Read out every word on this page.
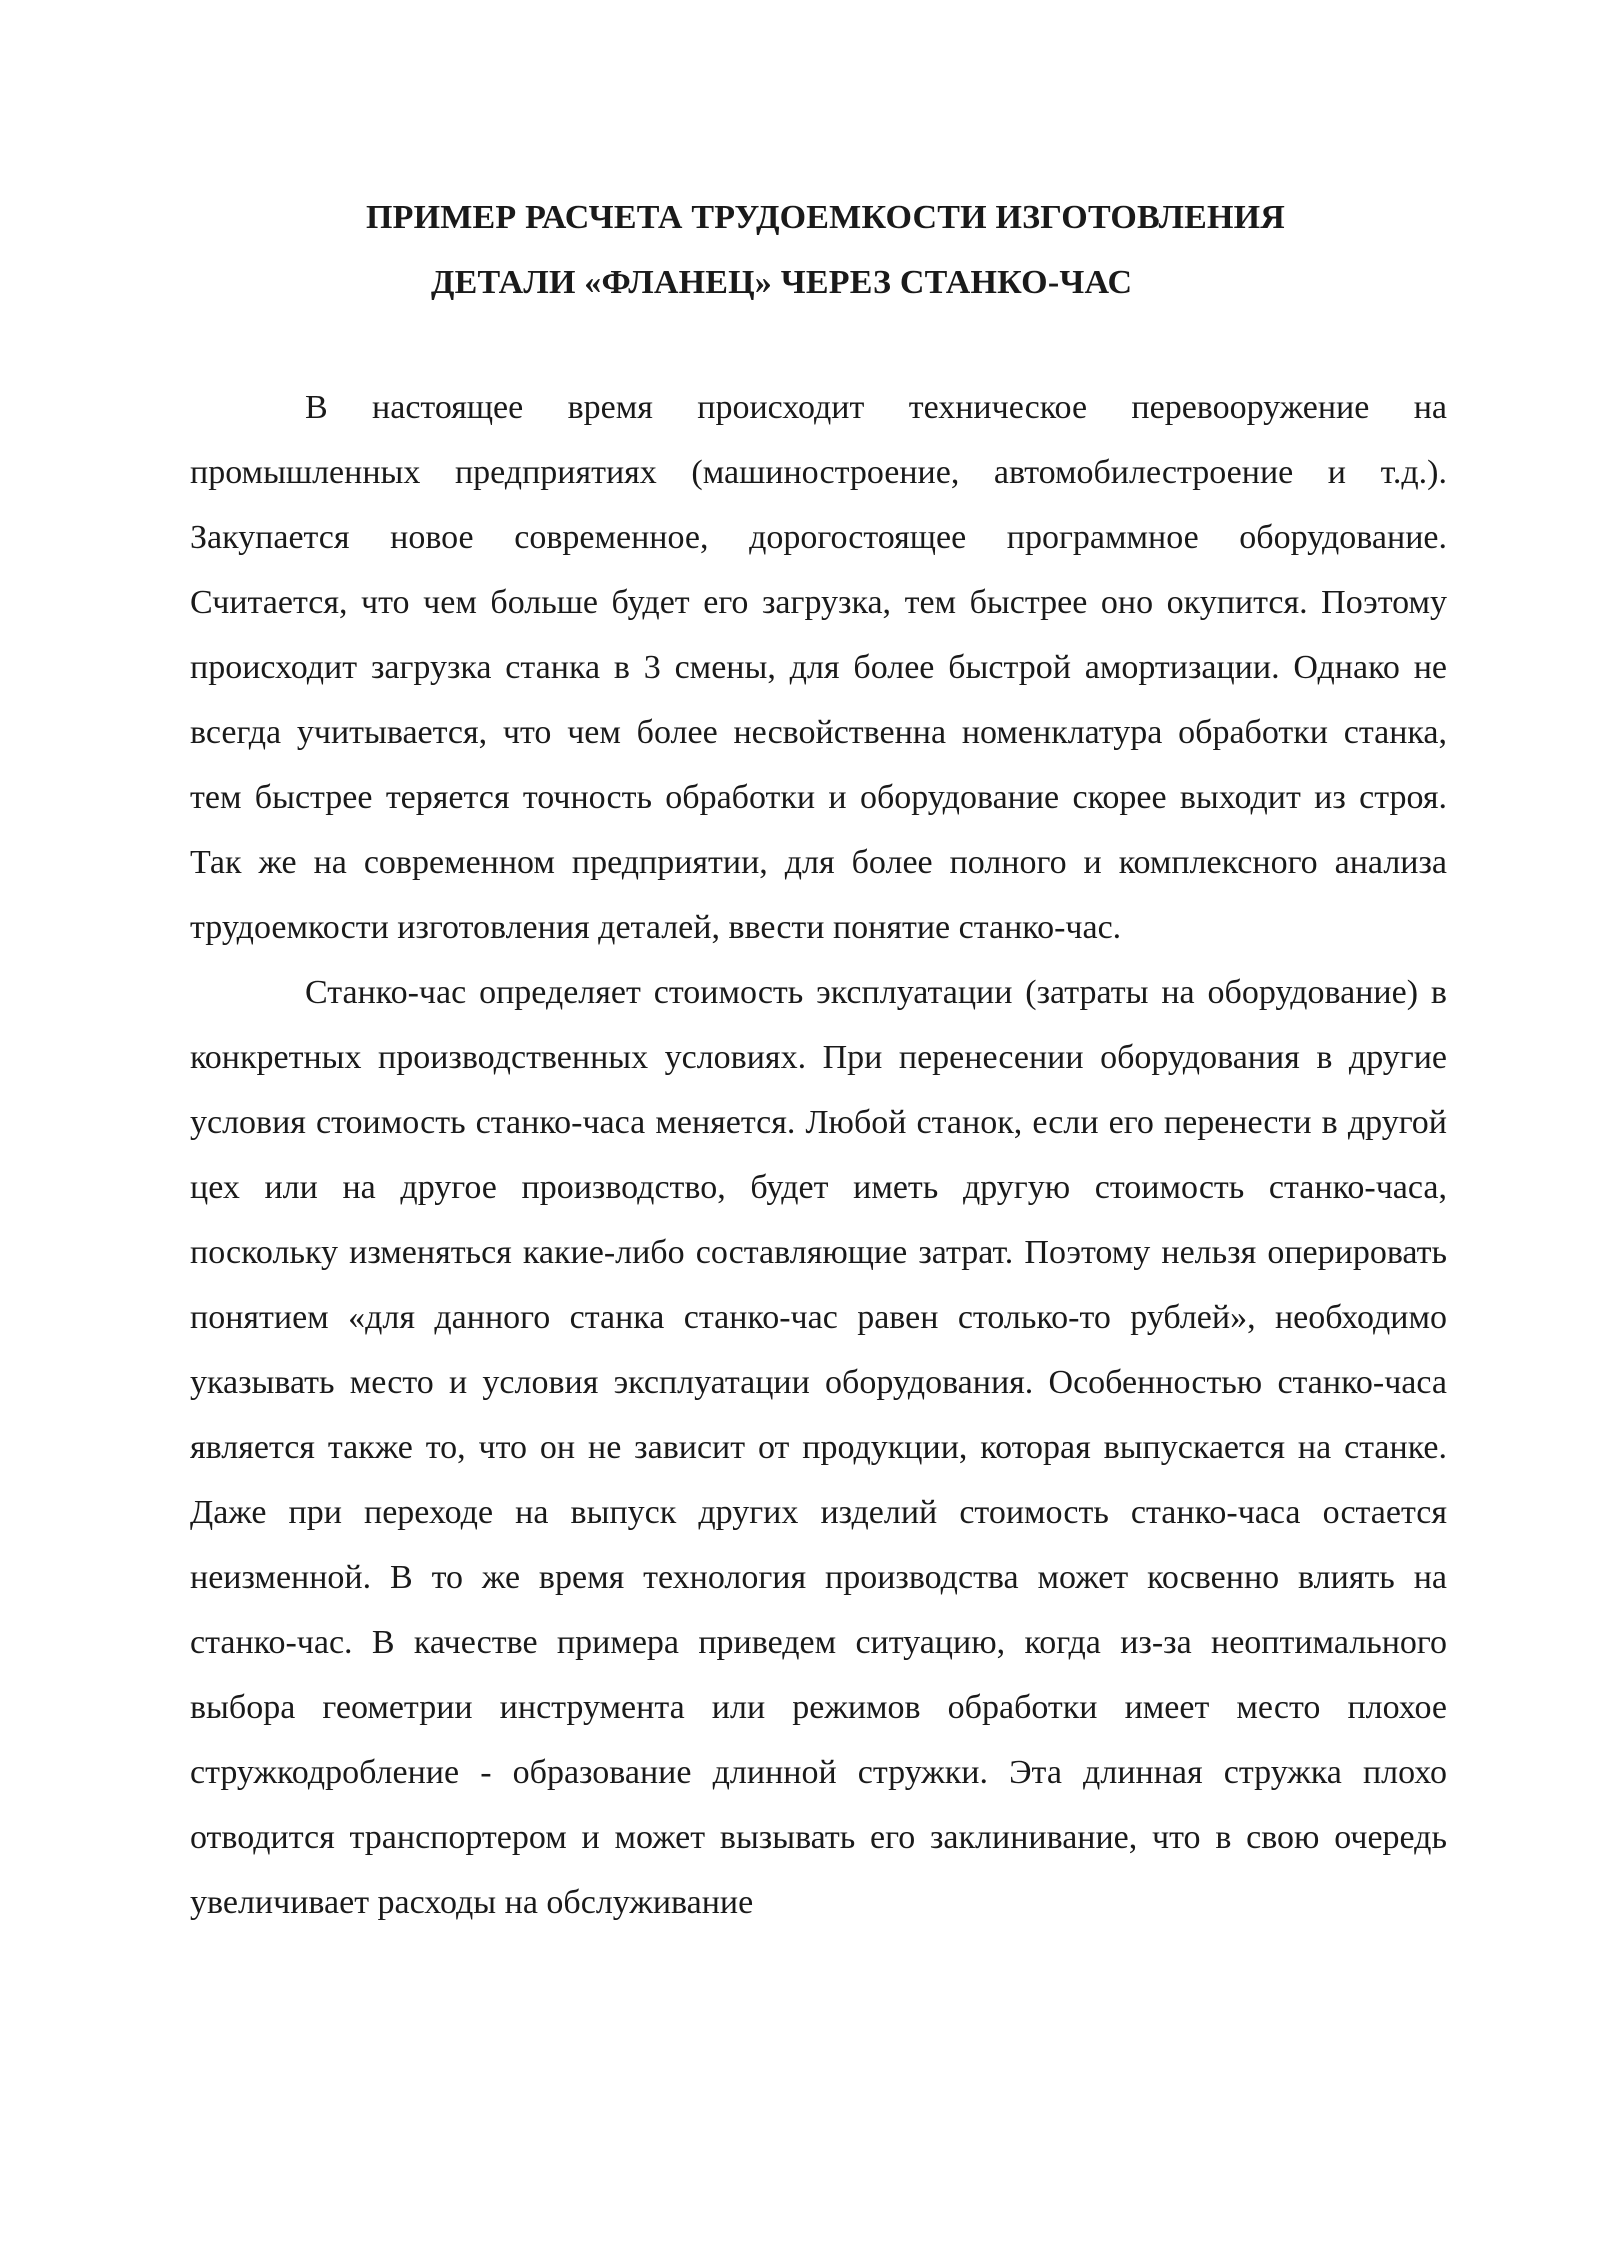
ПРИМЕР РАСЧЕТА ТРУДОЕМКОСТИ ИЗГОТОВЛЕНИЯ
ДЕТАЛИ «ФЛАНЕЦ» ЧЕРЕЗ СТАНКО-ЧАС

В настоящее время происходит техническое перевооружение на промышленных предприятиях (машиностроение, автомобилестроение и т.д.). Закупается новое современное, дорогостоящее программное оборудование. Считается, что чем больше будет его загрузка, тем быстрее оно окупится. Поэтому происходит загрузка станка в 3 смены, для более быстрой амортизации. Однако не всегда учитывается, что чем более несвойственна номенклатура обработки станка, тем быстрее теряется точность обработки и оборудование скорее выходит из строя. Так же на современном предприятии, для более полного и комплексного анализа трудоемкости изготовления деталей, ввести понятие станко-час.

Станко-час определяет стоимость эксплуатации (затраты на оборудование) в конкретных производственных условиях. При перенесении оборудования в другие условия стоимость станко-часа меняется. Любой станок, если его перенести в другой цех или на другое производство, будет иметь другую стоимость станко-часа, поскольку изменяться какие-либо составляющие затрат. Поэтому нельзя оперировать понятием «для данного станка станко-час равен столько-то рублей», необходимо указывать место и условия эксплуатации оборудования. Особенностью станко-часа является также то, что он не зависит от продукции, которая выпускается на станке. Даже при переходе на выпуск других изделий стоимость станко-часа остается неизменной. В то же время технология производства может косвенно влиять на станко-час. В качестве примера приведем ситуацию, когда из-за неоптимального выбора геометрии инструмента или режимов обработки имеет место плохое стружкодробление - образование длинной стружки. Эта длинная стружка плохо отводится транспортером и может вызывать его заклинивание, что в свою очередь увеличивает расходы на обслуживание
